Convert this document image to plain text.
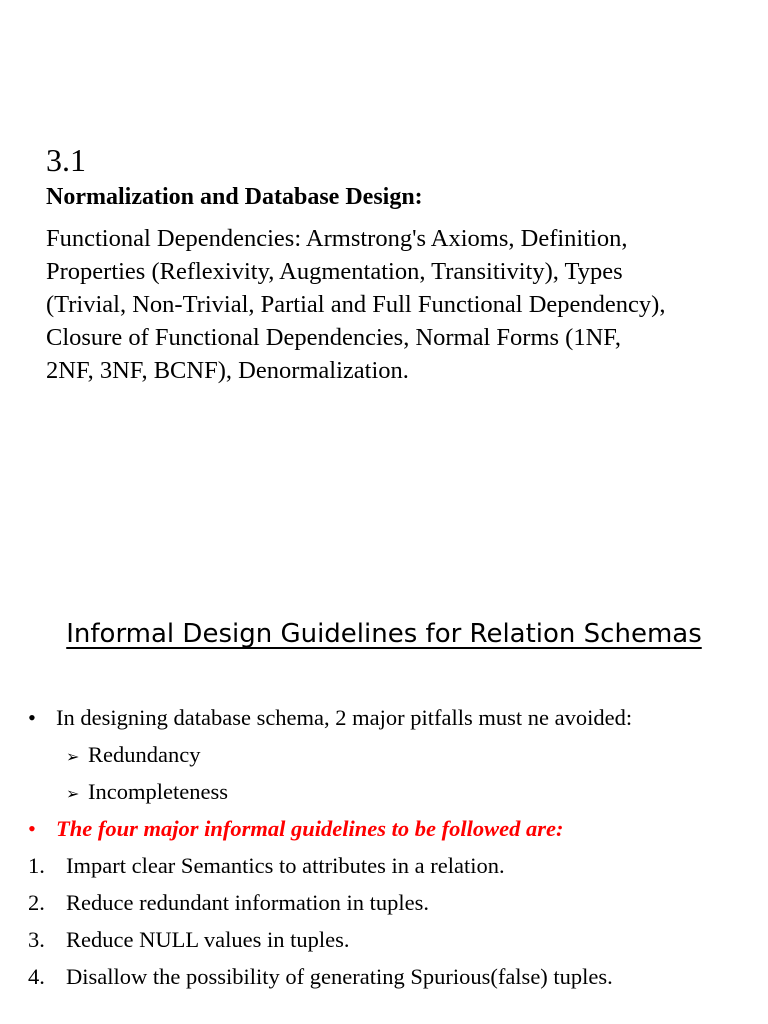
3.1
Normalization and Database Design:
Functional Dependencies: Armstrong's Axioms, Definition,
Properties (Reflexivity, Augmentation, Transitivity), Types
(Trivial, Non-Trivial, Partial and Full Functional Dependency),
Closure of Functional Dependencies, Normal Forms (1NF,
2NF, 3NF, BCNF), Denormalization.
Informal Design Guidelines for Relation Schemas
• In designing database schema, 2 major pitfalls must ne avoided:
➢ Redundancy
➢ Incompleteness
• The four major informal guidelines to be followed are:
1. Impart clear Semantics to attributes in a relation.
2. Reduce redundant information in tuples.
3. Reduce NULL values in tuples.
4. Disallow the possibility of generating Spurious(false) tuples.
